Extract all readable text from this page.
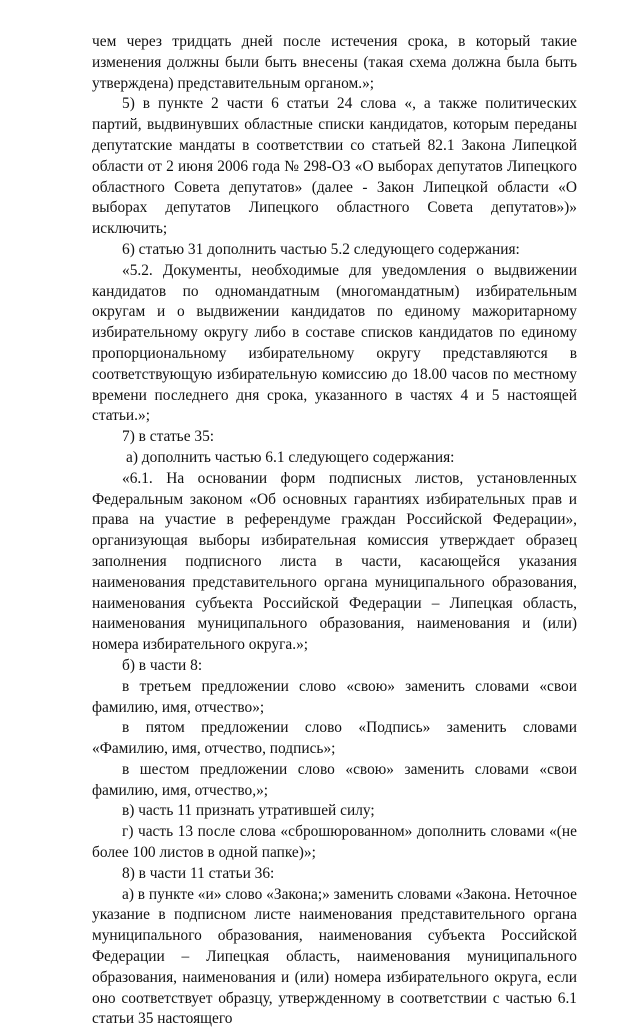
чем через тридцать дней после истечения срока, в который такие изменения должны были быть внесены (такая схема должна была быть утверждена) представительным органом.»;

5) в пункте 2 части 6 статьи 24 слова «, а также политических партий, выдвинувших областные списки кандидатов, которым переданы депутатские мандаты в соответствии со статьей 82.1 Закона Липецкой области от 2 июня 2006 года № 298-ОЗ «О выборах депутатов Липецкого областного Совета депутатов» (далее - Закон Липецкой области «О выборах депутатов Липецкого областного Совета депутатов»)» исключить;

6) статью 31 дополнить частью 5.2 следующего содержания:

«5.2. Документы, необходимые для уведомления о выдвижении кандидатов по одномандатным (многомандатным) избирательным округам и о выдвижении кандидатов по единому мажоритарному избирательному округу либо в составе списков кандидатов по единому пропорциональному избирательному округу представляются в соответствующую избирательную комиссию до 18.00 часов по местному времени последнего дня срока, указанного в частях 4 и 5 настоящей статьи.»;

7) в статье 35:

а) дополнить частью 6.1 следующего содержания:

«6.1. На основании форм подписных листов, установленных Федеральным законом «Об основных гарантиях избирательных прав и права на участие в референдуме граждан Российской Федерации», организующая выборы избирательная комиссия утверждает образец заполнения подписного листа в части, касающейся указания наименования представительного органа муниципального образования, наименования субъекта Российской Федерации – Липецкая область, наименования муниципального образования, наименования и (или) номера избирательного округа.»;

б) в части 8:

в третьем предложении слово «свою» заменить словами «свои фамилию, имя, отчество»;

в пятом предложении слово «Подпись» заменить словами «Фамилию, имя, отчество, подпись»;

в шестом предложении слово «свою» заменить словами «свои фамилию, имя, отчество,»;

в) часть 11 признать утратившей силу;

г) часть 13 после слова «сброшюрованном» дополнить словами «(не более 100 листов в одной папке)»;

8) в части 11 статьи 36:

а) в пункте «и» слово «Закона;» заменить словами «Закона. Неточное указание в подписном листе наименования представительного органа муниципального образования, наименования субъекта Российской Федерации – Липецкая область, наименования муниципального образования, наименования и (или) номера избирательного округа, если оно соответствует образцу, утвержденному в соответствии с частью 6.1 статьи 35 настоящего
